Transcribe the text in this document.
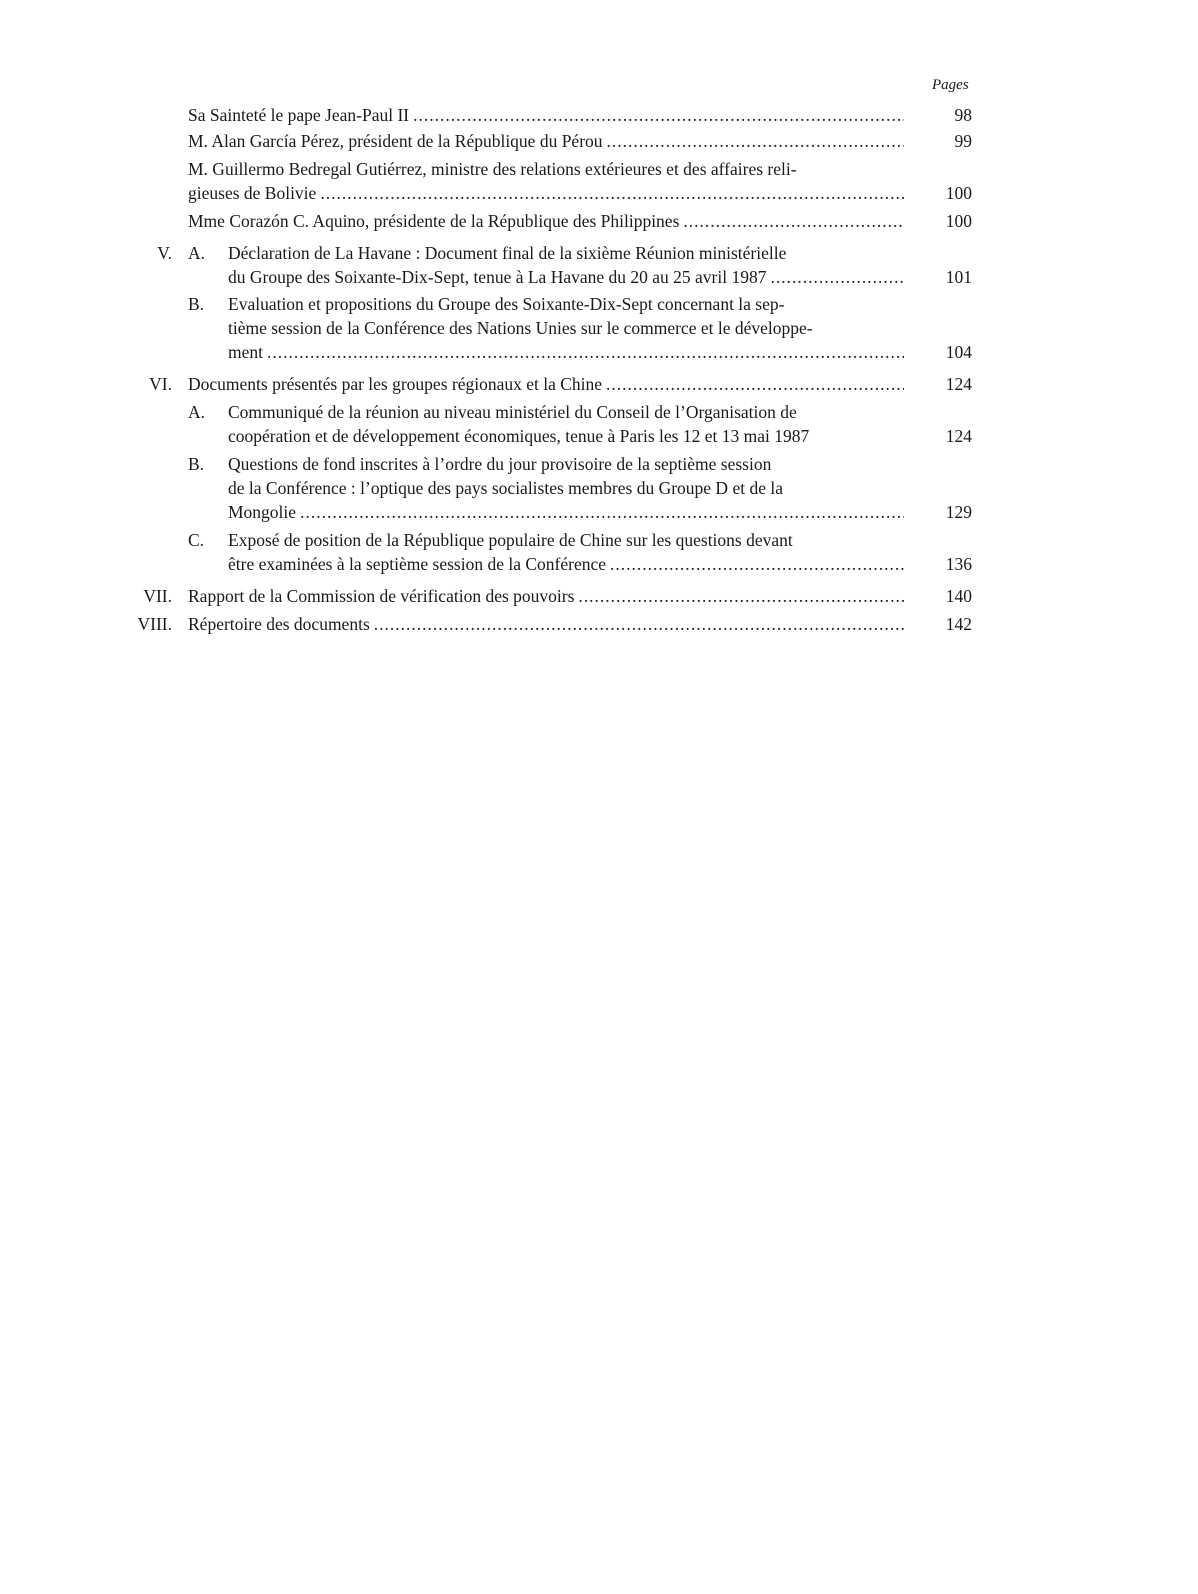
Pages
Sa Sainteté le pape Jean-Paul II .....	98
M. Alan García Pérez, président de la République du Pérou .....	99
M. Guillermo Bedregal Gutiérrez, ministre des relations extérieures et des affaires reli-
gieuses de Bolivie .....	100
Mme Corazón C. Aquino, présidente de la République des Philippines .....	100
V. A. Déclaration de La Havane : Document final de la sixième Réunion ministérielle
du Groupe des Soixante-Dix-Sept, tenue à La Havane du 20 au 25 avril 1987 .....	101
B. Evaluation et propositions du Groupe des Soixante-Dix-Sept concernant la sep-
tième session de la Conférence des Nations Unies sur le commerce et le développe-
ment .....	104
VI. Documents présentés par les groupes régionaux et la Chine .....	124
A. Communiqué de la réunion au niveau ministériel du Conseil de l’Organisation de
coopération et de développement économiques, tenue à Paris les 12 et 13 mai 1987	124
B. Questions de fond inscrites à l’ordre du jour provisoire de la septième session
de la Conférence : l’optique des pays socialistes membres du Groupe D et de la
Mongolie .....	129
C. Exposé de position de la République populaire de Chine sur les questions devant
être examinées à la septième session de la Conférence .....	136
VII. Rapport de la Commission de vérification des pouvoirs .....	140
VIII. Répertoire des documents .....	142
